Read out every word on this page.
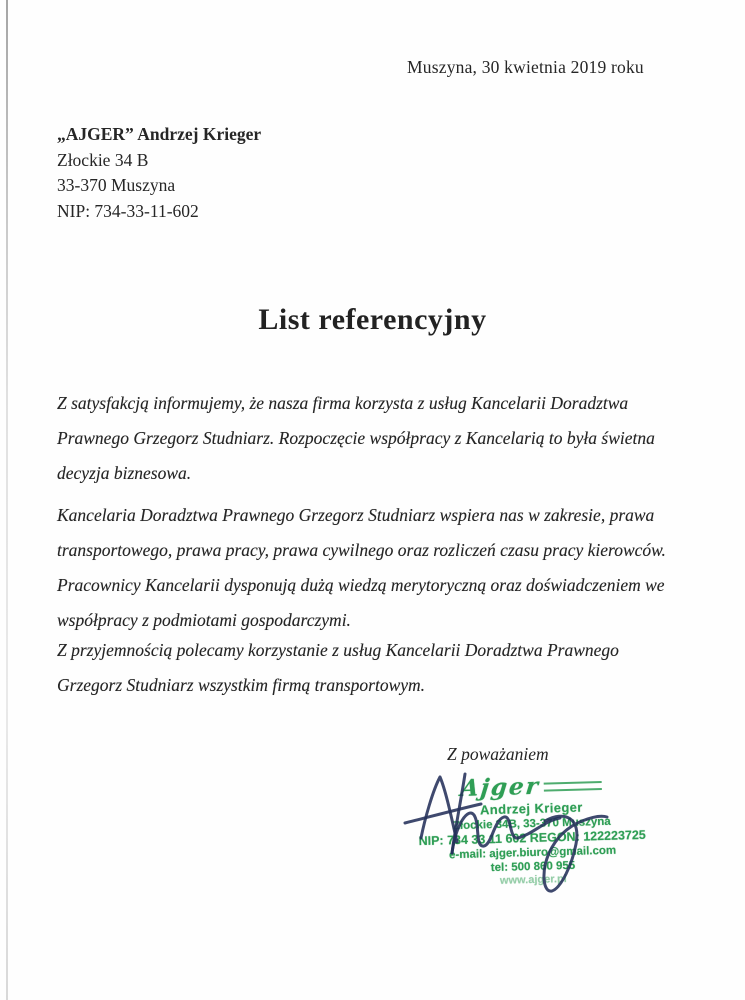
Muszyna, 30 kwietnia 2019 roku
„AJGER” Andrzej Krieger
Złockie 34 B
33-370 Muszyna
NIP: 734-33-11-602
List referencyjny

Z satysfakcją informujemy, że nasza firma korzysta z usług Kancelarii Doradztwa Prawnego Grzegorz Studniarz. Rozpoczęcie współpracy z Kancelarią to była świetna decyzja biznesowa.

Kancelaria Doradztwa Prawnego Grzegorz Studniarz wspiera nas w zakresie, prawa transportowego, prawa pracy, prawa cywilnego oraz rozliczeń czasu pracy kierowców. Pracownicy Kancelarii dysponują dużą wiedzą merytoryczną oraz doświadczeniem we współpracy z podmiotami gospodarczymi.

Z przyjemnością polecamy korzystanie z usług Kancelarii Doradztwa Prawnego Grzegorz Studniarz wszystkim firmą transportowym.

Z poważaniem
Ajger
Andrzej Krieger
Złockie 34B, 33-370 Muszyna
NIP: 734 33 11 602 REGON: 122223725
e-mail: ajger.biuro@gmail.com
tel: 500 860 955
www.ajger.pl
